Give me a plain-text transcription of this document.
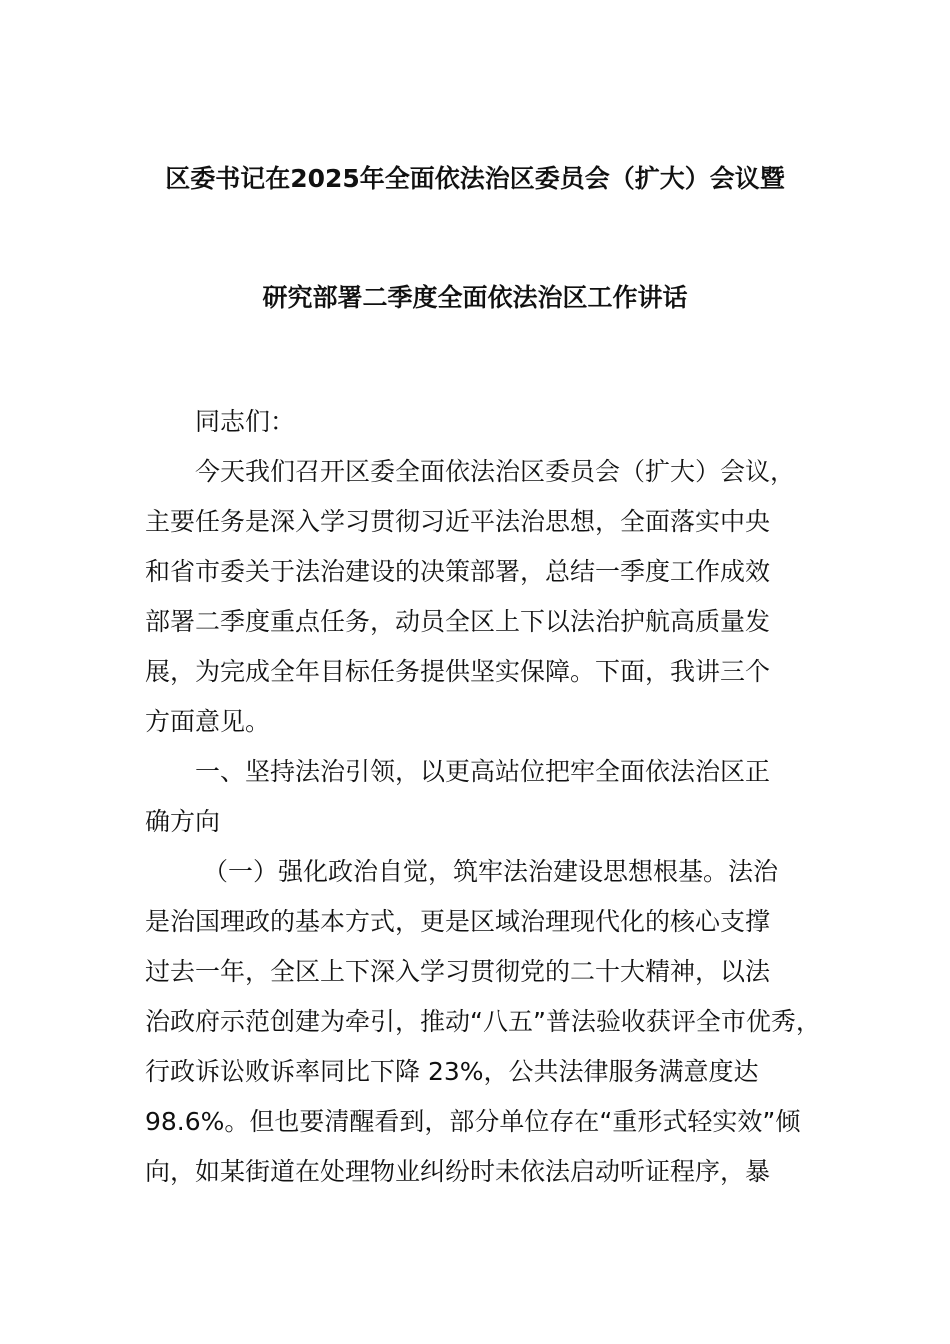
区委书记在2025年全面依法治区委员会（扩大）会议暨
研究部署二季度全面依法治区工作讲话
同志们：
今天我们召开区委全面依法治区委员会（扩大）会议，
主要任务是深入学习贯彻习近平法治思想，全面落实中央
和省市委关于法治建设的决策部署，总结一季度工作成效
部署二季度重点任务，动员全区上下以法治护航高质量发
展，为完成全年目标任务提供坚实保障。下面，我讲三个
方面意见。
一、坚持法治引领，以更高站位把牢全面依法治区正
确方向
（一）强化政治自觉，筑牢法治建设思想根基。法治
是治国理政的基本方式，更是区域治理现代化的核心支撑
过去一年，全区上下深入学习贯彻党的二十大精神，以法
治政府示范创建为牵引，推动“八五”普法验收获评全市优秀，
行政诉讼败诉率同比下降 23%，公共法律服务满意度达
98.6%。但也要清醒看到，部分单位存在“重形式轻实效”倾
向，如某街道在处理物业纠纷时未依法启动听证程序，暴
